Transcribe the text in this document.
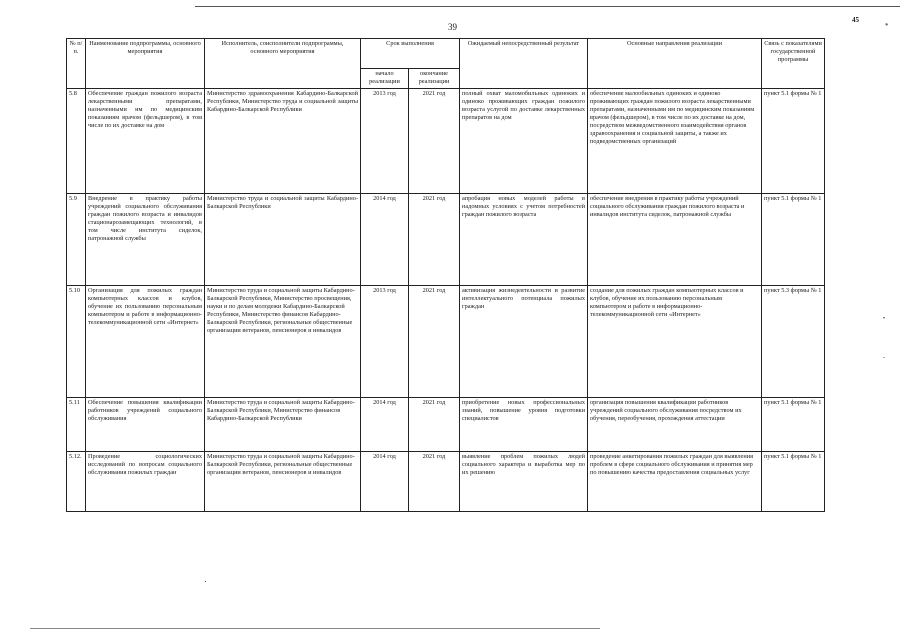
45
*
39
•
-
№ п/п.	Наименование подпрограммы, основного мероприятия	Исполнитель, соисполнители подпрограммы, основного мероприятия	Срок выполнения		Ожидаемый непосредственный результат	Основные направления реализации	Связь с показателями государственной программы
			начало реализации	окончание реализации			
5.8	Обеспечение граждан пожилого возраста лекарственными препаратами, назначенными им по медицинским показаниям врачом (фельдшером), в том числе по их доставке на дом	Министерство здравоохранения Кабардино-Балкарской Республики, Министерство труда и социальной защиты Кабардино-Балкарской Республики	2013 год	2021 год	полный охват маломобильных одиноких и одиноко проживающих граждан пожилого возраста услугой по доставке лекарственных препаратов на дом	обеспечение малообильных одиноких и одиноко проживающих граждан пожилого возраста лекарственными препаратами, назначенными им по медицинским показаниям врачом (фельдшером), в том числе по их доставке на дом, посредством межведомственного взаимодействия органов здравоохранения и социальной защиты, а также их подведомственных организаций	пункт 5.1 формы № 1
5.9	Внедрение в практику работы учреждений социального обслуживания граждан пожилого возраста и инвалидов стационарозамещающих технологий, в том числе института сиделок, патронажной службы	Министерство труда и социальной защиты Кабардино-Балкарской Республики	2014 год	2021 год	апробация новых моделей работы в надомных условиях с учетом потребностей граждан пожилого возраста	обеспечение внедрения в практику работы учреждений социального обслуживания граждан пожилого возраста и инвалидов института сиделок, патронажной службы	пункт 5.1 формы № 1
5.10	Организация для пожилых граждан компьютерных классов и клубов, обучение их пользованию персональным компьютером и работе в информационно-телекоммуникационной сети «Интернет»	Министерство труда и социальной защиты Кабардино-Балкарской Республики, Министерство просвещения, науки и по делам молодежи Кабардино-Балкарской Республики, Министерство финансов Кабардино-Балкарской Республики, региональные общественные организации ветеранов, пенсионеров и инвалидов	2013 год	2021 год	активизация жизнедеятельности и развитие интеллектуального потенциала пожилых граждан	создание для пожилых граждан компьютерных классов и клубов, обучение их пользованию персональным компьютером и работе в информационно-телекоммуникационной сети «Интернет»	пункт 5.3 формы № 1
5.11	Обеспечение повышения квалификации работников учреждений социального обслуживания	Министерство труда и социальной защиты Кабардино-Балкарской Республики, Министерство финансов Кабардино-Балкарской Республики	2014 год	2021 год	приобретение новых профессиональных знаний, повышение уровня подготовки специалистов	организация повышения квалификации работников учреждений социального обслуживания посредством их обучения, переобучения, прохождения аттестации	пункт 5.1 формы № 1
5.12.	Проведение социологических исследований по вопросам социального обслуживания пожилых граждан	Министерство труда и социальной защиты Кабардино-Балкарской Республики, региональные общественные организации ветеранов, пенсионеров и инвалидов	2014 год	2021 год	выявление проблем пожилых людей социального характера и выработка мер по их решению	проведение анкетирования пожилых граждан для выявления проблем в сфере социального обслуживания и принятия мер по повышению качества предоставления социальных услуг	пункт 5.1 формы № 1
